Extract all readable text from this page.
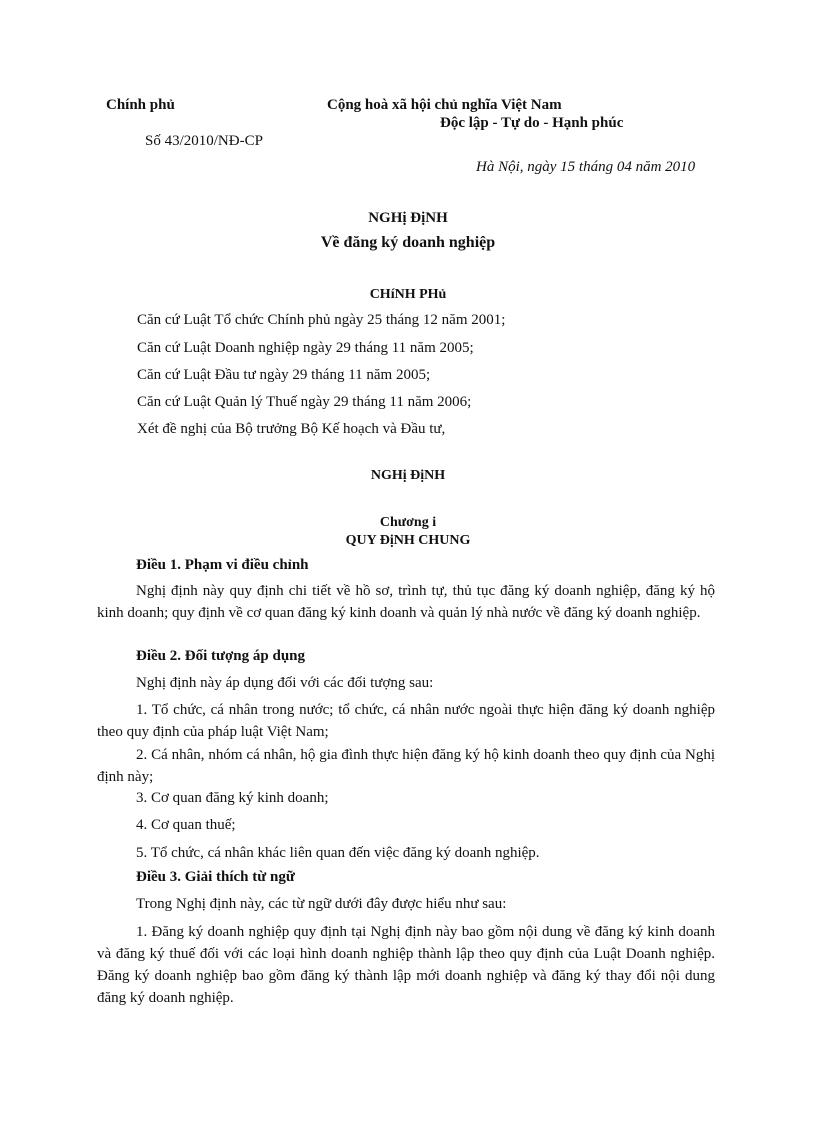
Chính phủ	Cộng hoà xã hội chủ nghĩa Việt Nam
Độc lập - Tự do - Hạnh phúc
Số 43/2010/NĐ-CP
Hà Nội, ngày 15 tháng 04 năm 2010
NGHị ĐịNH
Về đăng ký doanh nghiệp
CHíNH PHủ
Căn cứ Luật Tổ chức Chính phủ ngày 25 tháng 12 năm 2001;
Căn cứ Luật Doanh nghiệp ngày 29 tháng 11 năm 2005;
Căn cứ Luật Đầu tư ngày 29 tháng 11 năm 2005;
Căn cứ Luật Quản lý Thuế ngày 29 tháng 11 năm 2006;
Xét đề nghị của Bộ trưởng Bộ Kế hoạch và Đầu tư,
NGHị ĐịNH
Chương i
QUY ĐịNH CHUNG
Điều 1. Phạm vi điều chỉnh
Nghị định này quy định chi tiết về hồ sơ, trình tự, thủ tục đăng ký doanh nghiệp, đăng ký hộ kinh doanh; quy định về cơ quan đăng ký kinh doanh và quản lý nhà nước về đăng ký doanh nghiệp.
Điều 2. Đối tượng áp dụng
Nghị định này áp dụng đối với các đối tượng sau:
1. Tổ chức, cá nhân trong nước; tổ chức, cá nhân nước ngoài thực hiện đăng ký doanh nghiệp theo quy định của pháp luật Việt Nam;
2. Cá nhân, nhóm cá nhân, hộ gia đình thực hiện đăng ký hộ kinh doanh theo quy định của Nghị định này;
3. Cơ quan đăng ký kinh doanh;
4. Cơ quan thuế;
5. Tổ chức, cá nhân khác liên quan đến việc đăng ký doanh nghiệp.
Điều 3. Giải thích từ ngữ
Trong Nghị định này, các từ ngữ dưới đây được hiểu như sau:
1. Đăng ký doanh nghiệp quy định tại Nghị định này bao gồm nội dung về đăng ký kinh doanh và đăng ký thuế đối với các loại hình doanh nghiệp thành lập theo quy định của Luật Doanh nghiệp. Đăng ký doanh nghiệp bao gồm đăng ký thành lập mới doanh nghiệp và đăng ký thay đổi nội dung đăng ký doanh nghiệp.
